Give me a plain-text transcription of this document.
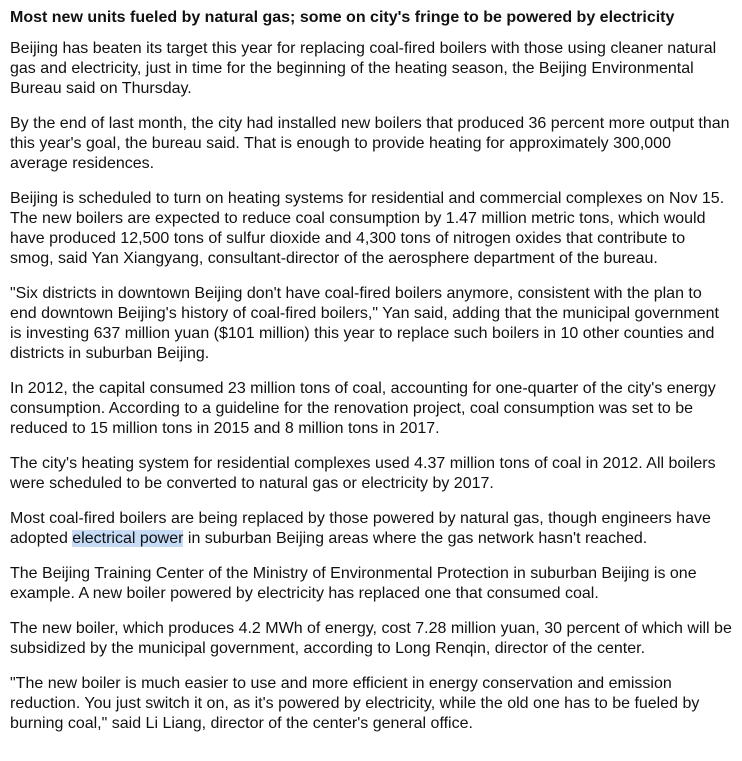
Most new units fueled by natural gas; some on city's fringe to be powered by electricity

Beijing has beaten its target this year for replacing coal-fired boilers with those using cleaner natural gas and electricity, just in time for the beginning of the heating season, the Beijing Environmental Bureau said on Thursday.

By the end of last month, the city had installed new boilers that produced 36 percent more output than this year's goal, the bureau said. That is enough to provide heating for approximately 300,000 average residences.

Beijing is scheduled to turn on heating systems for residential and commercial complexes on Nov 15. The new boilers are expected to reduce coal consumption by 1.47 million metric tons, which would have produced 12,500 tons of sulfur dioxide and 4,300 tons of nitrogen oxides that contribute to smog, said Yan Xiangyang, consultant-director of the aerosphere department of the bureau.

"Six districts in downtown Beijing don't have coal-fired boilers anymore, consistent with the plan to end downtown Beijing's history of coal-fired boilers," Yan said, adding that the municipal government is investing 637 million yuan ($101 million) this year to replace such boilers in 10 other counties and districts in suburban Beijing.

In 2012, the capital consumed 23 million tons of coal, accounting for one-quarter of the city's energy consumption. According to a guideline for the renovation project, coal consumption was set to be reduced to 15 million tons in 2015 and 8 million tons in 2017.

The city's heating system for residential complexes used 4.37 million tons of coal in 2012. All boilers were scheduled to be converted to natural gas or electricity by 2017.

Most coal-fired boilers are being replaced by those powered by natural gas, though engineers have adopted electrical power in suburban Beijing areas where the gas network hasn't reached.

The Beijing Training Center of the Ministry of Environmental Protection in suburban Beijing is one example. A new boiler powered by electricity has replaced one that consumed coal.

The new boiler, which produces 4.2 MWh of energy, cost 7.28 million yuan, 30 percent of which will be subsidized by the municipal government, according to Long Renqin, director of the center.

"The new boiler is much easier to use and more efficient in energy conservation and emission reduction. You just switch it on, as it's powered by electricity, while the old one has to be fueled by burning coal," said Li Liang, director of the center's general office.
